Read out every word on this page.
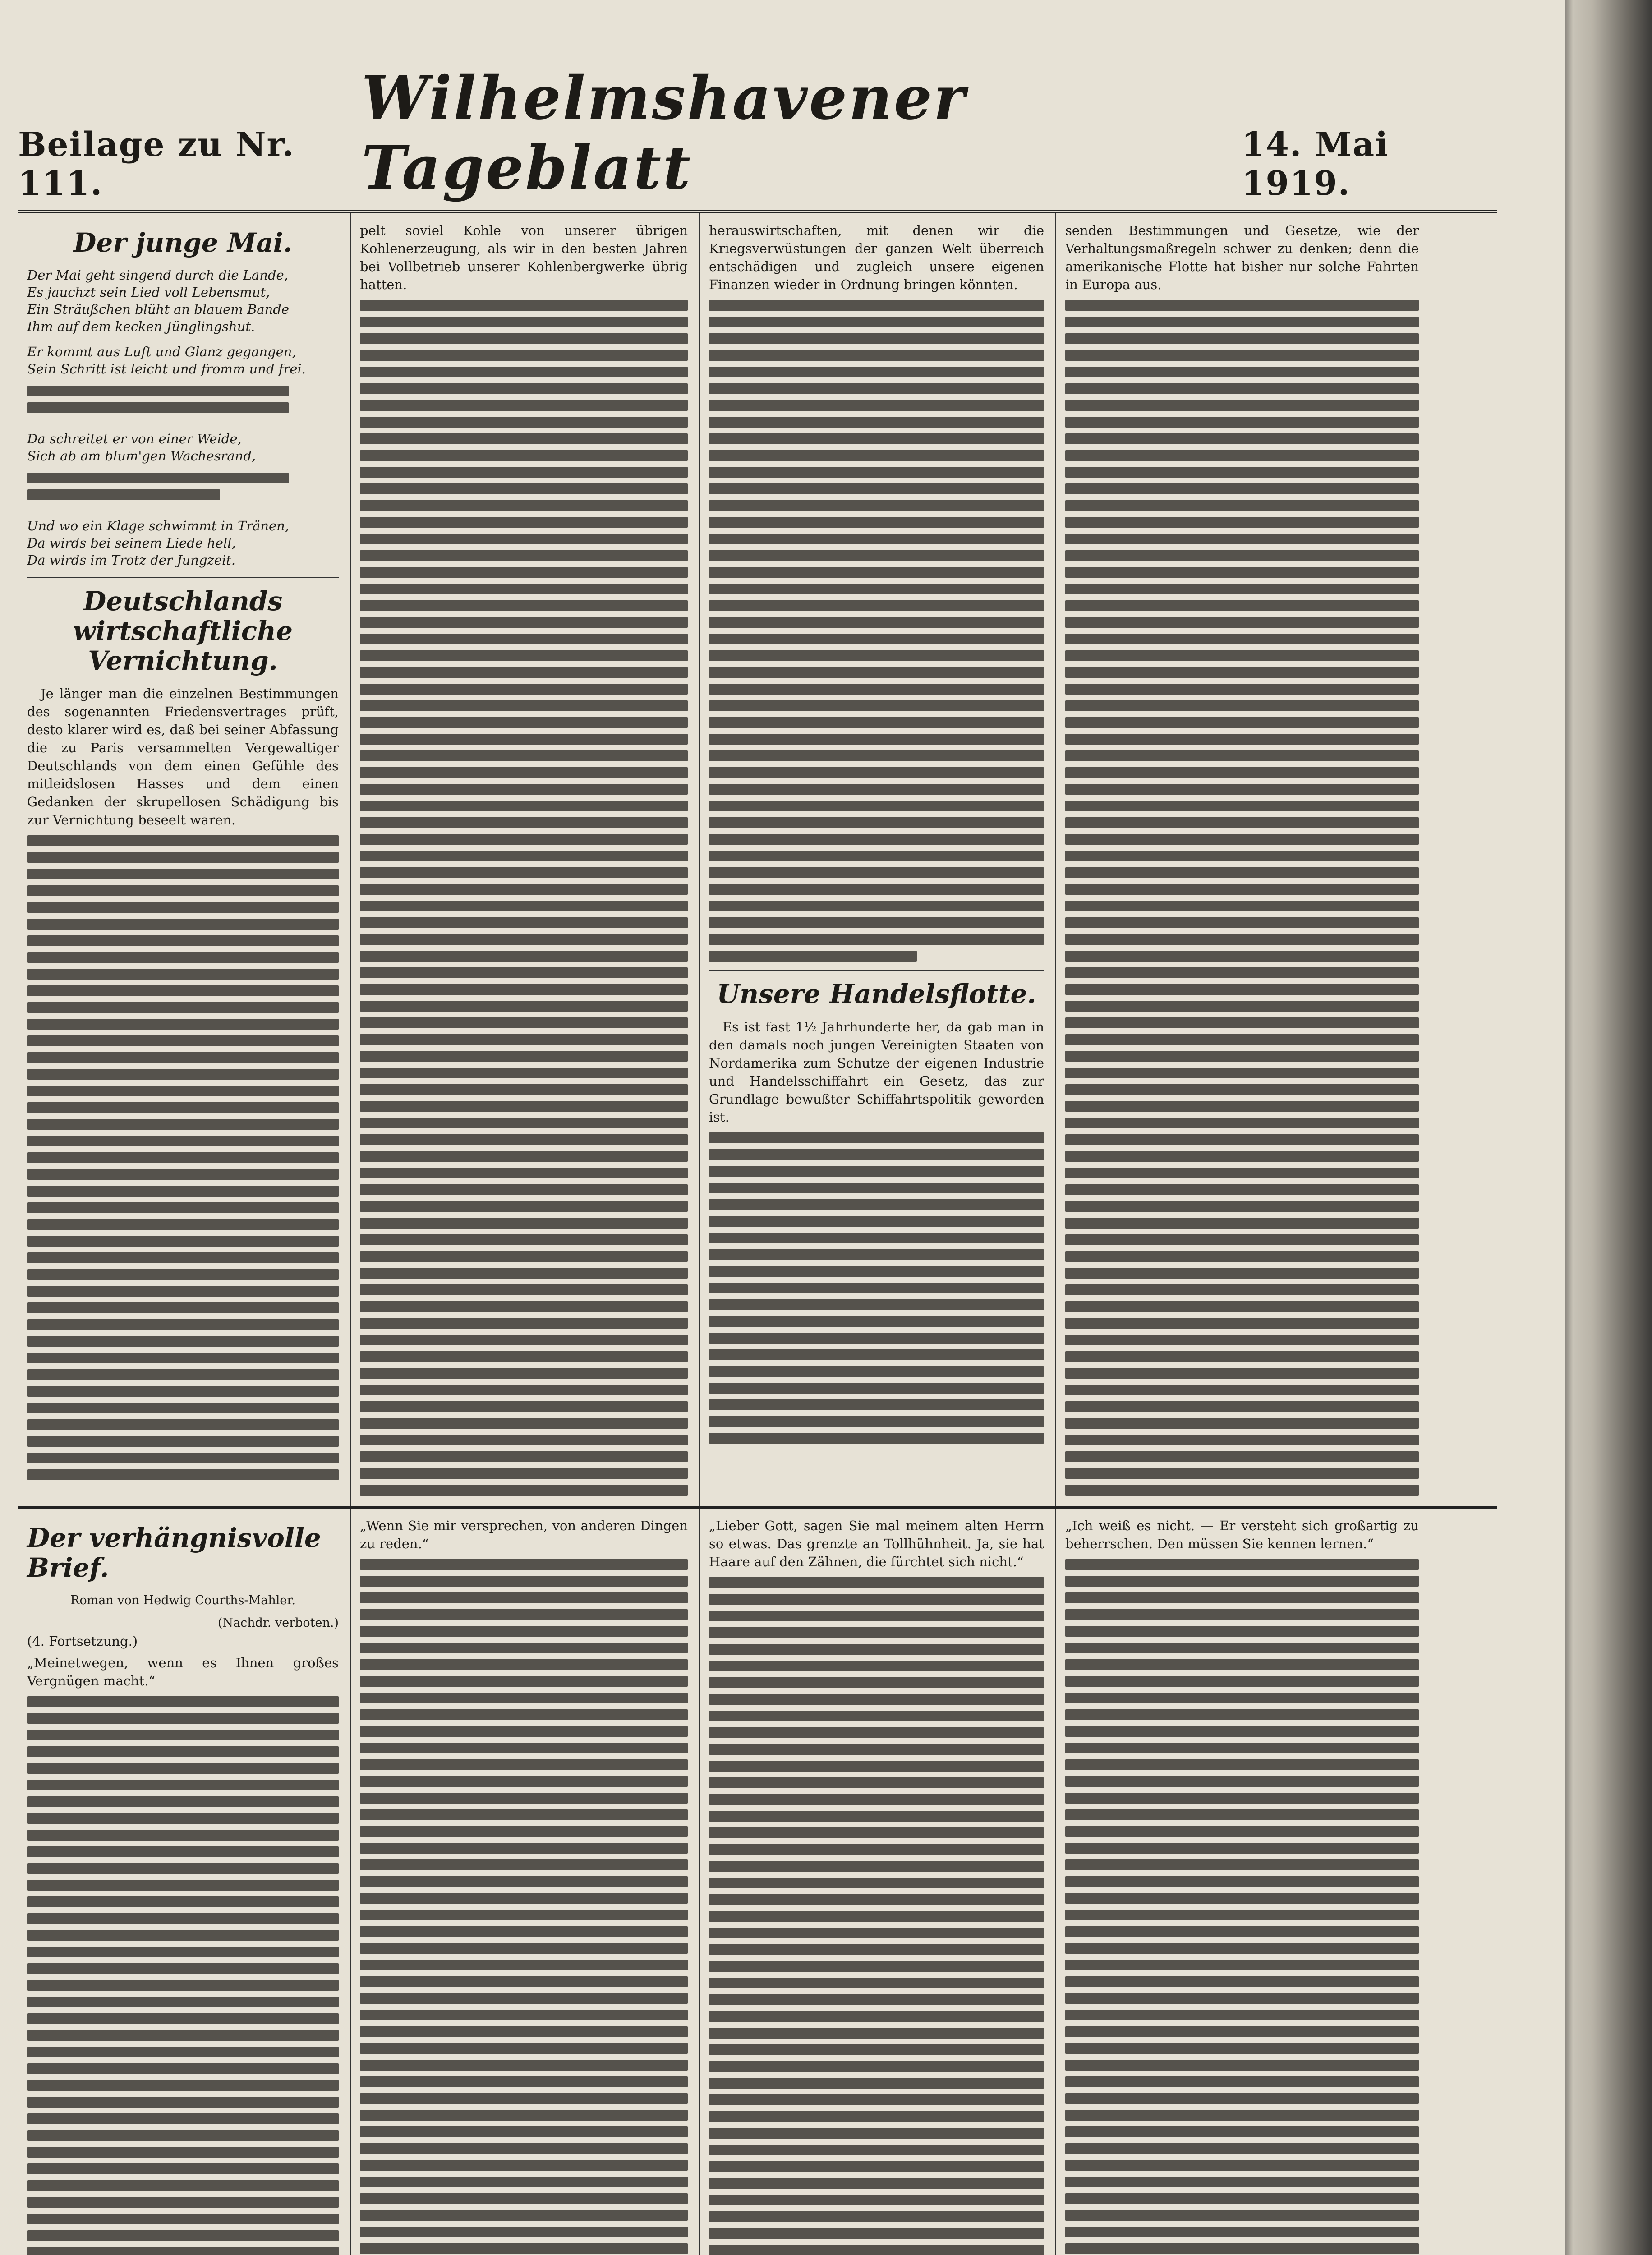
Beilage zu Nr. 111.
Wilhelmshavener Tageblatt	14. Mai 1919.
Der junge Mai.
Der Mai geht singend durch die Lande,
Es jauchzt sein Lied voll Lebensmut,
Ein Sträußchen blüht an blauem Bande
Ihm auf dem kecken Jünglingshut.
Er kommt aus Luft und Glanz gegangen,
Sein Schritt ist leicht und fromm und frei.
Da schreitet er von einer Weide,
Sich ab am blum'gen Wachesrand,
Und wo ein Klage schwimmt in Tränen,
Da wirds bei seinem Liede hell,
Da wirds im Trotz der Jungzeit.
Deutschlands wirtschaftliche Vernichtung.
Je länger man die einzelnen Bestimmungen des sogenannten Friedensvertrages prüft, desto klarer wird es, daß bei seiner Abfassung die zu Paris versammelten Vergewaltiger Deutschlands von dem einen Gefühle des mitleidslosen Hasses und dem einen Gedanken der skrupellosen Schädigung bis zur Vernichtung beseelt waren.
pelt soviel Kohle von unserer übrigen Kohlenerzeugung, als wir in den besten Jahren bei Vollbetrieb unserer Kohlenbergwerke übrig hatten.
herauswirtschaften, mit denen wir die Kriegsverwüstungen der ganzen Welt überreich entschädigen und zugleich unsere eigenen Finanzen wieder in Ordnung bringen könnten.
Unsere Handelsflotte.
Es ist fast 1½ Jahrhunderte her, da gab man in den damals noch jungen Vereinigten Staaten von Nordamerika zum Schutze der eigenen Industrie und Handelsschiffahrt ein Gesetz, das zur Grundlage bewußter Schiffahrtspolitik geworden ist.
senden Bestimmungen und Gesetze, wie der Verhaltungsmaßregeln schwer zu denken; denn die amerikanische Flotte hat bisher nur solche Fahrten in Europa aus.
Der verhängnisvolle Brief.
Roman von Hedwig Courths-Mahler.
(Nachdr. verboten.)
(4. Fortsetzung.)
„Meinetwegen, wenn es Ihnen großes Vergnügen macht.“
„Wenn Sie mir versprechen, von anderen Dingen zu reden.“
„Lieber Gott, sagen Sie mal meinem alten Herrn so etwas. Das grenzte an Tollhühnheit. Ja, sie hat Haare auf den Zähnen, die fürchtet sich nicht.“
„Ich weiß es nicht. — Er versteht sich großartig zu beherrschen. Den müssen Sie kennen lernen.“
